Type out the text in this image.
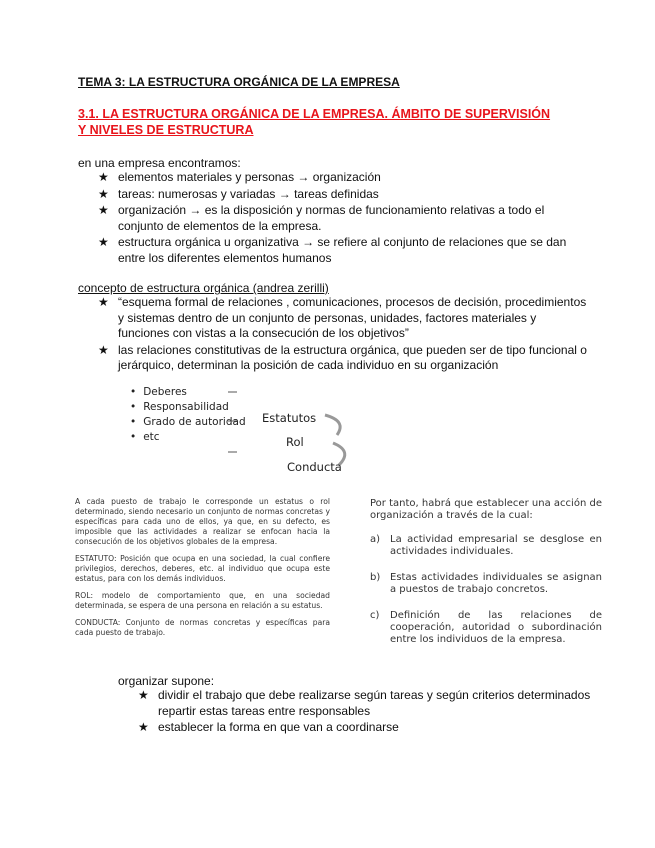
TEMA 3: LA ESTRUCTURA ORGÁNICA DE LA EMPRESA
3.1. LA ESTRUCTURA ORGÁNICA DE LA EMPRESA. ÁMBITO DE SUPERVISIÓN Y NIVELES DE ESTRUCTURA
en una empresa encontramos:
★ elementos materiales y personas → organización
★ tareas: numerosas y variadas → tareas definidas
★ organización → es la disposición y normas de funcionamiento relativas a todo el conjunto de elementos de la empresa.
★ estructura orgánica u organizativa → se refiere al conjunto de relaciones que se dan entre los diferentes elementos humanos
concepto de estructura orgánica (andrea zerilli)
★ “esquema formal de relaciones , comunicaciones, procesos de decisión, procedimientos y sistemas dentro de un conjunto de personas, unidades, factores materiales y funciones con vistas a la consecución de los objetivos”
★ las relaciones constitutivas de la estructura orgánica, que pueden ser de tipo funcional o jerárquico, determinan la posición de cada individuo en su organización
• Deberes
• Responsabilidad
• Grado de autoridad
• etc
Estatutos
Rol
Conducta

A cada puesto de trabajo le corresponde un estatus o rol determinado, siendo necesario un conjunto de normas concretas y específicas para cada uno de ellos, ya que, en su defecto, es imposible que las actividades a realizar se enfocan hacia la consecución de los objetivos globales de la empresa.

ESTATUTO: Posición que ocupa en una sociedad, la cual confiere privilegios, derechos, deberes, etc. al individuo que ocupa este estatus, para con los demás individuos.

ROL: modelo de comportamiento que, en una sociedad determinada, se espera de una persona en relación a su estatus.

CONDUCTA: Conjunto de normas concretas y específicas para cada puesto de trabajo.

Por tanto, habrá que establecer una acción de organización a través de la cual:

a) La actividad empresarial se desglose en actividades individuales.
b) Estas actividades individuales se asignan a puestos de trabajo concretos.
c) Definición de las relaciones de cooperación, autoridad o subordinación entre los individuos de la empresa.
organizar supone:
★ dividir el trabajo que debe realizarse según tareas y según criterios determinados repartir estas tareas entre responsables
★ establecer la forma en que van a coordinarse
